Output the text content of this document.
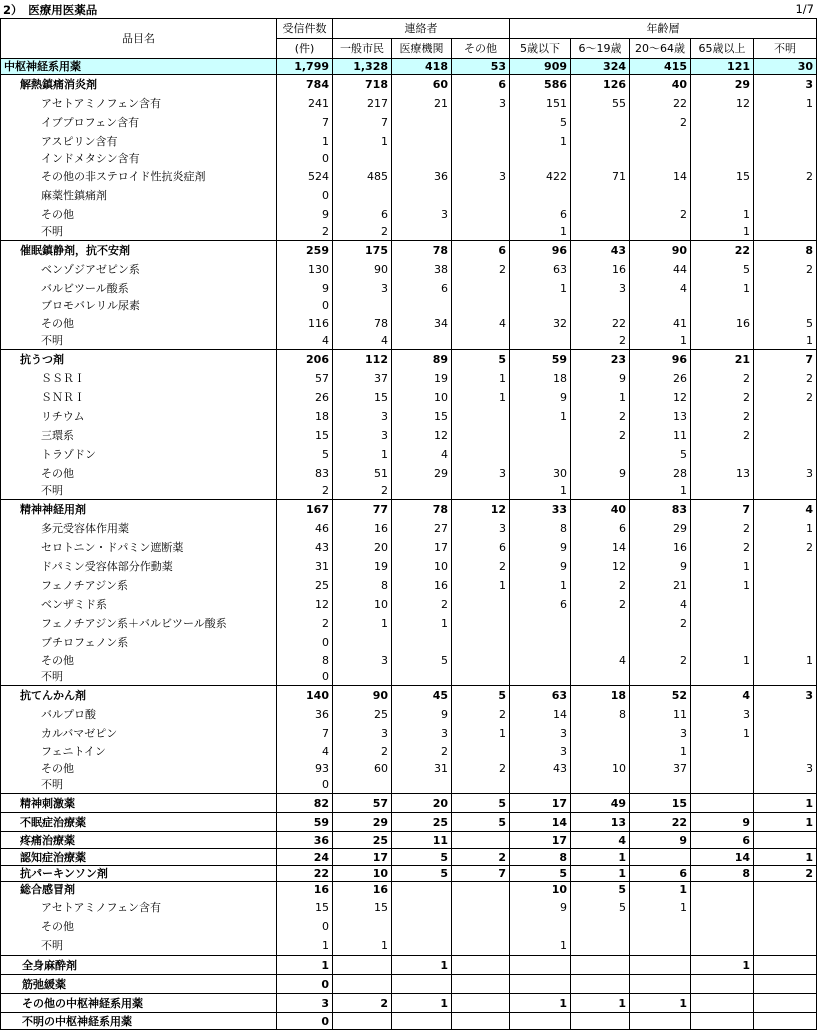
2）　医療用医薬品	1/7
品目名	受信件数	連絡者			年齢層				
	(件)	一般市民	医療機関	その他	5歳以下	6～19歳	20～64歳	65歳以上	不明
中枢神経系用薬	1,799	1,328	418	53	909	324	415	121	30
解熱鎮痛消炎剤	784	718	60	6	586	126	40	29	3
アセトアミノフェン含有	241	217	21	3	151	55	22	12	1
イブプロフェン含有	7	7			5		2		
アスピリン含有	1	1			1				
インドメタシン含有	0								
その他の非ステロイド性抗炎症剤	524	485	36	3	422	71	14	15	2
麻薬性鎮痛剤	0								
その他	9	6	3		6		2	1	
不明	2	2			1			1	
催眠鎮静剤，抗不安剤	259	175	78	6	96	43	90	22	8
ベンゾジアゼピン系	130	90	38	2	63	16	44	5	2
バルビツール酸系	9	3	6		1	3	4	1	
ブロモバレリル尿素	0								
その他	116	78	34	4	32	22	41	16	5
不明	4	4				2	1		1
抗うつ剤	206	112	89	5	59	23	96	21	7
ＳＳＲＩ	57	37	19	1	18	9	26	2	2
ＳＮＲＩ	26	15	10	1	9	1	12	2	2
リチウム	18	3	15		1	2	13	2	
三環系	15	3	12			2	11	2	
トラゾドン	5	1	4				5		
その他	83	51	29	3	30	9	28	13	3
不明	2	2			1		1		
精神神経用剤	167	77	78	12	33	40	83	7	4
多元受容体作用薬	46	16	27	3	8	6	29	2	1
セロトニン・ドパミン遮断薬	43	20	17	6	9	14	16	2	2
ドパミン受容体部分作動薬	31	19	10	2	9	12	9	1	
フェノチアジン系	25	8	16	1	1	2	21	1	
ベンザミド系	12	10	2		6	2	4		
フェノチアジン系＋バルビツール酸系	2	1	1				2		
ブチロフェノン系	0								
その他	8	3	5			4	2	1	1
不明	0								
抗てんかん剤	140	90	45	5	63	18	52	4	3
バルプロ酸	36	25	9	2	14	8	11	3	
カルバマゼピン	7	3	3	1	3		3	1	
フェニトイン	4	2	2		3		1		
その他	93	60	31	2	43	10	37		3
不明	0								
精神刺激薬	82	57	20	5	17	49	15		1
不眠症治療薬	59	29	25	5	14	13	22	9	1
疼痛治療薬	36	25	11		17	4	9	6	
認知症治療薬	24	17	5	2	8	1		14	1
抗パーキンソン剤	22	10	5	7	5	1	6	8	2
総合感冒剤	16	16			10	5	1		
アセトアミノフェン含有	15	15			9	5	1		
その他	0								
不明	1	1			1				
全身麻酔剤	1		1					1	
筋弛緩薬	0								
その他の中枢神経系用薬	3	2	1		1	1	1		
不明の中枢神経系用薬	0								
